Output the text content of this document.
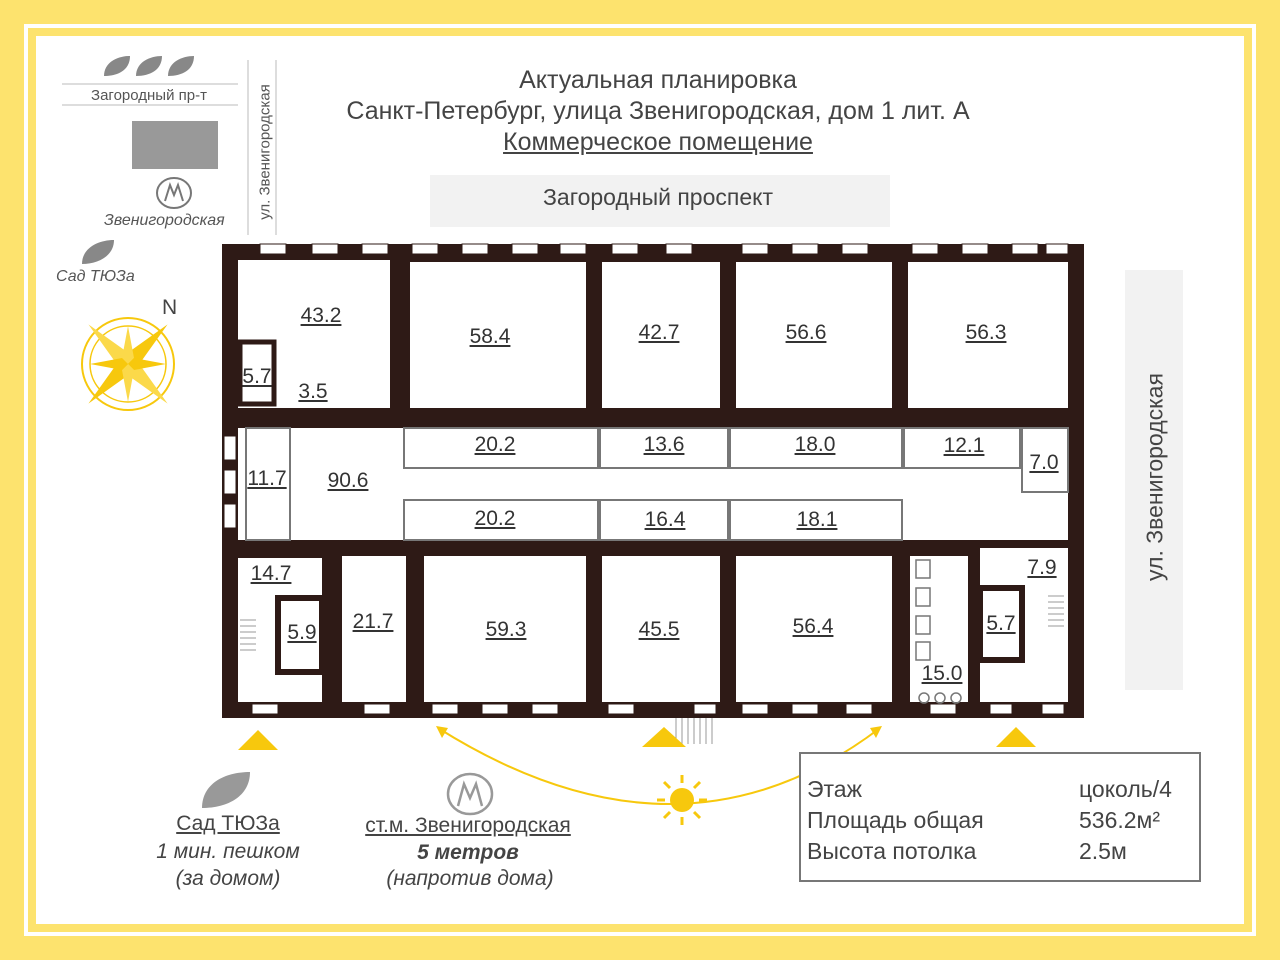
Актуальная планировка
Санкт-Петербург, улица Звенигородская, дом 1 лит. А
Коммерческое помещение
Загородный проспект
ул. Звенигородская
Загородный пр-т	ул. Звенигородская
Звенигородская
Сад ТЮЗа
N	43.2
58.4	42.7	56.6	56.3
5.7
3.5
20.2	13.6	18.0	12.1
7.0
11.7 90.6
20.2	16.4	18.1
14.7
5.9 21.7	59.3	45.5	56.4
15.0
7.9
5.7
Сад ТЮЗа
1 мин. пешком
(за домом)
ст.м. Звенигородская
5 метров
(напротив дома)
Этаж	цоколь/4
Площадь общая	536.2м²
Высота потолка	2.5м
